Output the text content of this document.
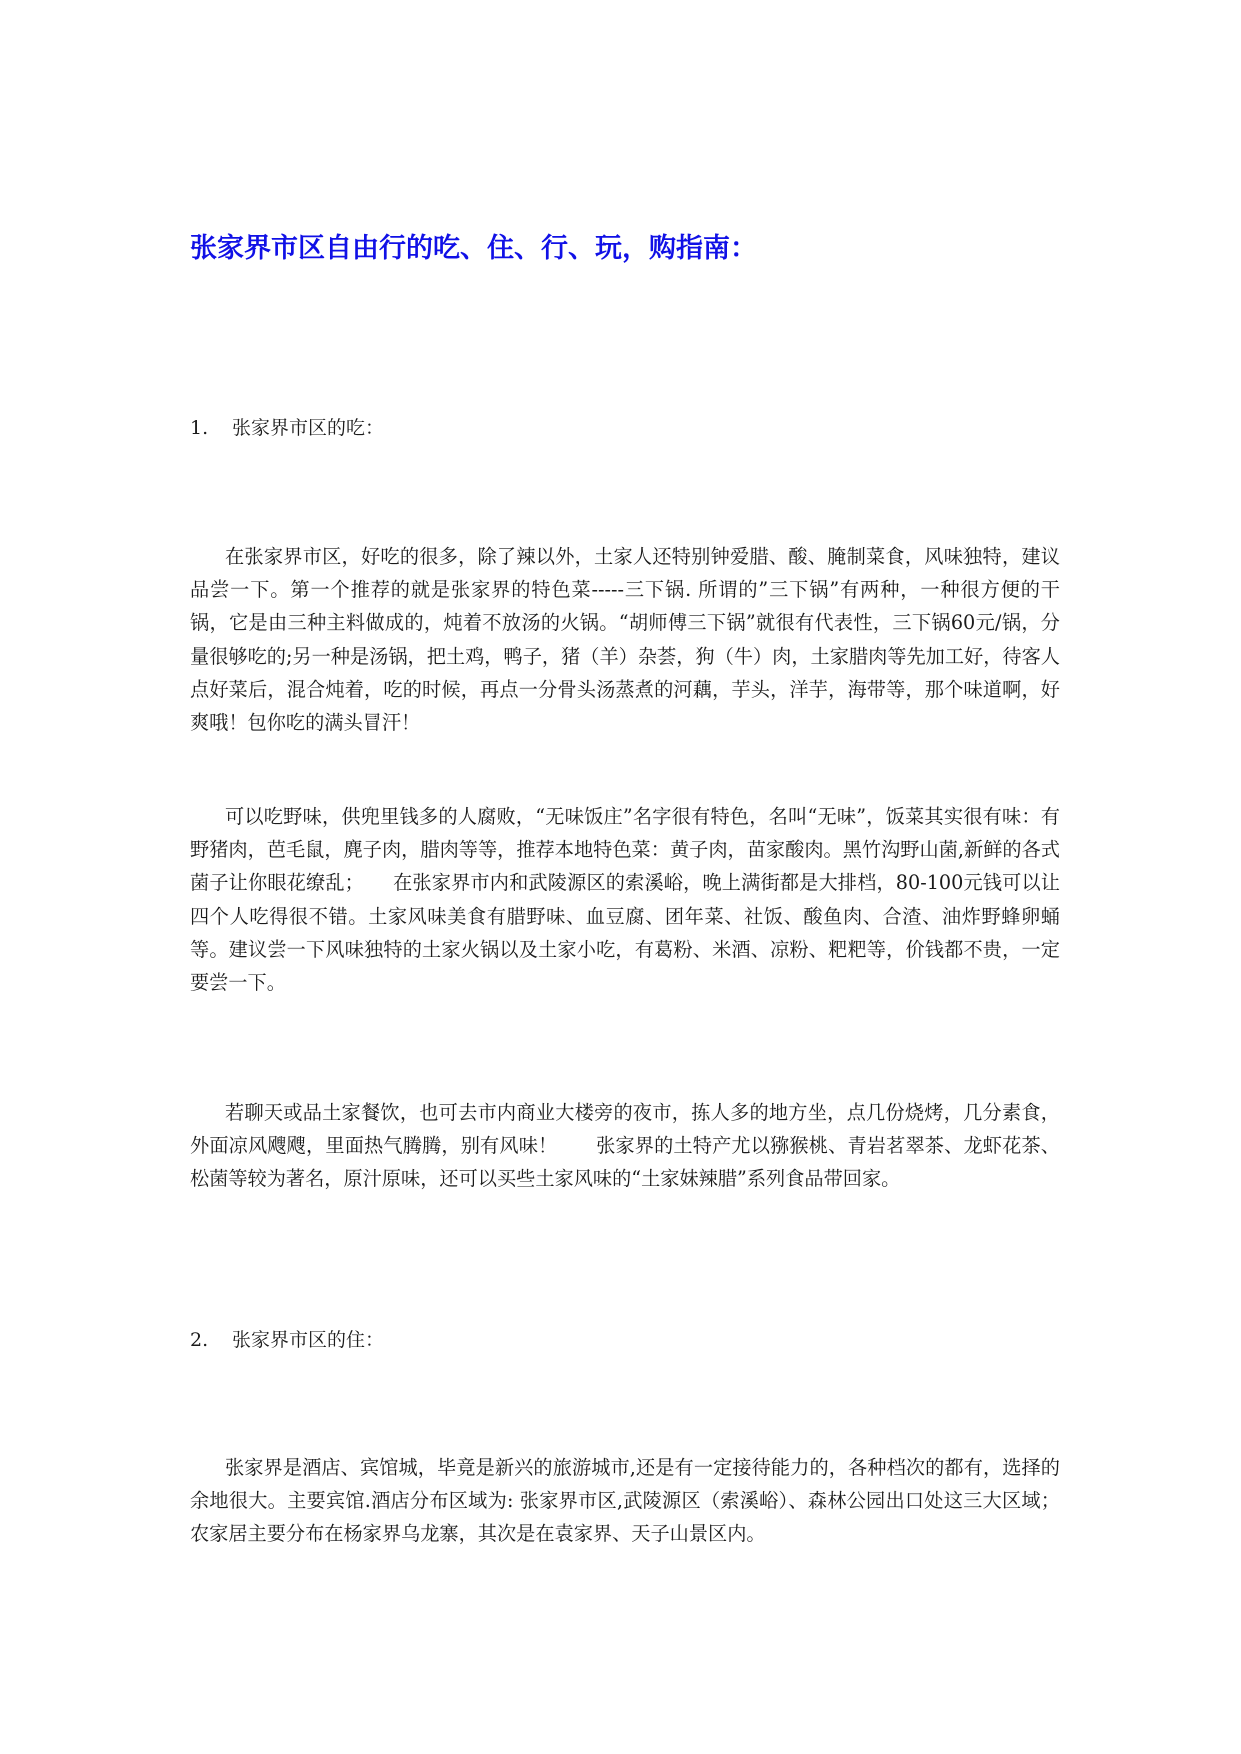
张家界市区自由行的吃、住、行、玩，购指南：
1. 张家界市区的吃：

在张家界市区，好吃的很多，除了辣以外，土家人还特别钟爱腊、酸、腌制菜食，风味独特，建议品尝一下。第一个推荐的就是张家界的特色菜-----三下锅. 所谓的”三下锅”有两种，一种很方便的干锅，它是由三种主料做成的，炖着不放汤的火锅。“胡师傅三下锅”就很有代表性，三下锅60元/锅，分量很够吃的;另一种是汤锅，把土鸡，鸭子，猪（羊）杂荟，狗（牛）肉，土家腊肉等先加工好，待客人点好菜后，混合炖着，吃的时候，再点一分骨头汤蒸煮的河藕，芋头，洋芋，海带等，那个味道啊，好爽哦！包你吃的满头冒汗！

可以吃野味，供兜里钱多的人腐败，“无味饭庄”名字很有特色，名叫“无味”，饭菜其实很有味：有野猪肉，芭毛鼠，麂子肉，腊肉等等，推荐本地特色菜：黄子肉，苗家酸肉。黑竹沟野山菌,新鲜的各式菌子让你眼花缭乱；　　在张家界市内和武陵源区的索溪峪，晚上满街都是大排档，80-100元钱可以让四个人吃得很不错。土家风味美食有腊野味、血豆腐、团年菜、社饭、酸鱼肉、合渣、油炸野蜂卵蛹等。建议尝一下风味独特的土家火锅以及土家小吃，有葛粉、米酒、凉粉、粑粑等，价钱都不贵，一定要尝一下。

若聊天或品土家餐饮，也可去市内商业大楼旁的夜市，拣人多的地方坐，点几份烧烤，几分素食，外面凉风飕飕，里面热气腾腾，别有风味！　　张家界的土特产尤以猕猴桃、青岩茗翠茶、龙虾花茶、松菌等较为著名，原汁原味，还可以买些土家风味的“土家妹辣腊”系列食品带回家。

2. 张家界市区的住：

张家界是酒店、宾馆城，毕竟是新兴的旅游城市,还是有一定接待能力的，各种档次的都有，选择的余地很大。主要宾馆.酒店分布区域为: 张家界市区,武陵源区（索溪峪）、森林公园出口处这三大区域；农家居主要分布在杨家界乌龙寨，其次是在袁家界、天子山景区内。
